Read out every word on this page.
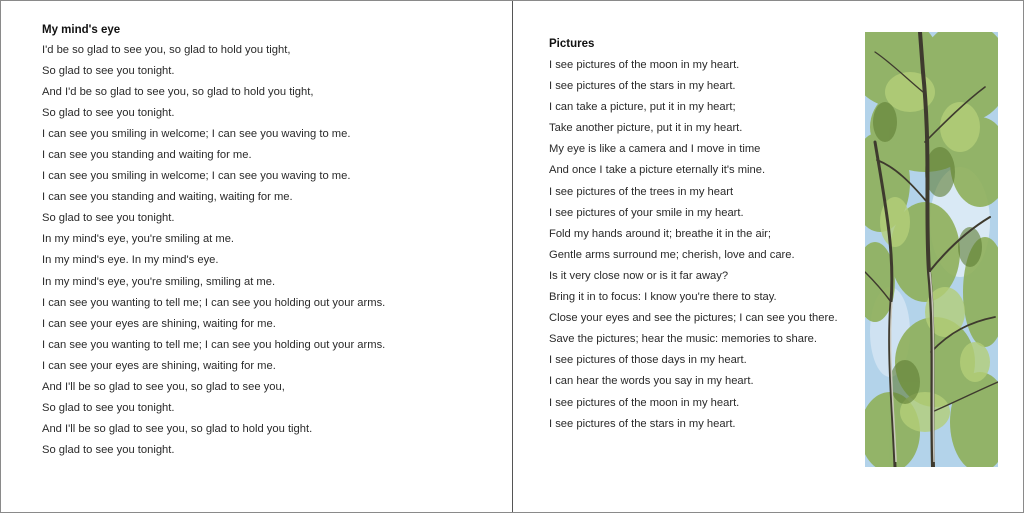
My mind's eye
I'd be so glad to see you, so glad to hold you tight,
So glad to see you tonight.
And I'd be so glad to see you, so glad to hold you tight,
So glad to see you tonight.
I can see you smiling in welcome; I can see you waving to me.
I can see you standing and waiting for me.
I can see you smiling in welcome; I can see you waving to me.
I can see you standing and waiting, waiting for me.
So glad to see you tonight.
In my mind's eye, you're smiling at me.
In my mind's eye. In my mind's eye.
In my mind's eye, you're smiling, smiling at me.
I can see you wanting to tell me; I can see you holding out your arms.
I can see your eyes are shining, waiting for me.
I can see you wanting to tell me; I can see you holding out your arms.
I can see your eyes are shining, waiting for me.
And I'll be so glad to see you, so glad to see you,
So glad to see you tonight.
And I'll be so glad to see you, so glad to hold you tight.
So glad to see you tonight.
Pictures
I see pictures of the moon in my heart.
I see pictures of the stars in my heart.
I can take a picture, put it in my heart;
Take another picture, put it in my heart.
My eye is like a camera and I move in time
And once I take a picture eternally it's mine.
I see pictures of the trees in my heart
I see pictures of your smile in my heart.
Fold my hands around it; breathe it in the air;
Gentle arms surround me; cherish, love and care.
Is it very close now or is it far away?
Bring it in to focus: I know you're there to stay.
Close your eyes and see the pictures; I can see you there.
Save the pictures; hear the music: memories to share.
I see pictures of those days in my heart.
I can hear the words you say in my heart.
I see pictures of the moon in my heart.
I see pictures of the stars in my heart.
